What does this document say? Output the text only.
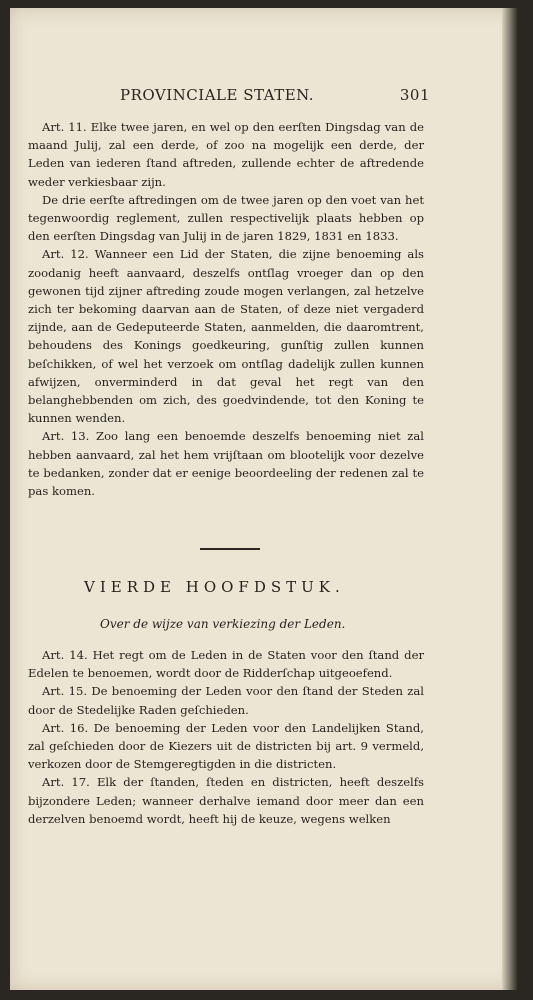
PROVINCIALE STATEN.	301

Art. 11. Elke twee jaren, en wel op den eerſten Dingsdag van de maand Julij, zal een derde, of zoo na mogelijk een derde, der Leden van iederen ſtand aftreden, zullende echter de aftredende weder verkiesbaar zijn.

De drie eerſte aftredingen om de twee jaren op den voet van het tegenwoordig reglement, zullen respectivelijk plaats hebben op den eerſten Dingsdag van Julij in de jaren 1829, 1831 en 1833.

Art. 12. Wanneer een Lid der Staten, die zijne benoeming als zoodanig heeft aanvaard, deszelfs ontſlag vroeger dan op den gewonen tijd zijner aftreding zoude mogen verlangen, zal hetzelve zich ter bekoming daarvan aan de Staten, of deze niet vergaderd zijnde, aan de Gedeputeerde Staten, aanmelden, die daaromtrent, behoudens des Konings goedkeuring, gunſtig zullen kunnen beſchikken, of wel het verzoek om ontſlag dadelijk zullen kunnen afwijzen, onverminderd in dat geval het regt van den belanghebbenden om zich, des goedvindende, tot den Koning te kunnen wenden.

Art. 13. Zoo lang een benoemde deszelfs benoeming niet zal hebben aanvaard, zal het hem vrijſtaan om blootelijk voor dezelve te bedanken, zonder dat er eenige beoordeeling der redenen zal te pas komen.

VIERDE HOOFDSTUK.
Over de wijze van verkiezing der Leden.

Art. 14. Het regt om de Leden in de Staten voor den ſtand der Edelen te benoemen, wordt door de Ridderſchap uitgeoefend.

Art. 15. De benoeming der Leden voor den ſtand der Steden zal door de Stedelijke Raden geſchieden.

Art. 16. De benoeming der Leden voor den Landelijken Stand, zal geſchieden door de Kiezers uit de districten bij art. 9 vermeld, verkozen door de Stemgeregtigden in die districten.

Art. 17. Elk der ſtanden, ſteden en districten, heeft deszelfs bijzondere Leden; wanneer derhalve iemand door meer dan een derzelven benoemd wordt, heeft hij de keuze, wegens welken
